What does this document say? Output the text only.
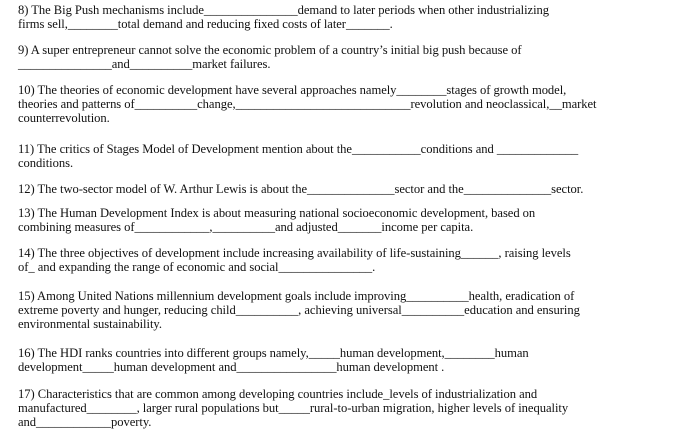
8) The Big Push mechanisms include_______________demand to later periods when other industrializing
firms sell,________total demand and reducing fixed costs of later_______.
9) A super entrepreneur cannot solve the economic problem of a country’s initial big push because of
_______________and__________market failures.
10) The theories of economic development have several approaches namely________stages of growth model,
theories and patterns of__________change,____________________________revolution and neoclassical,__market
counterrevolution.
11) The critics of Stages Model of Development mention about the___________conditions and _____________
conditions.
12) The two-sector model of W. Arthur Lewis is about the______________sector and the______________sector.
13) The Human Development Index is about measuring national socioeconomic development, based on
combining measures of____________,__________and adjusted_______income per capita.
14) The three objectives of development include increasing availability of life-sustaining______, raising levels
of_ and expanding the range of economic and social_______________.
15) Among United Nations millennium development goals include improving__________health, eradication of
extreme poverty and hunger, reducing child__________, achieving universal__________education and ensuring
environmental sustainability.
16) The HDI ranks countries into different groups namely,_____human development,________human
development_____human development and________________human development .
17) Characteristics that are common among developing countries include_levels of industrialization and
manufactured________, larger rural populations but_____rural-to-urban migration, higher levels of inequality
and____________poverty.
